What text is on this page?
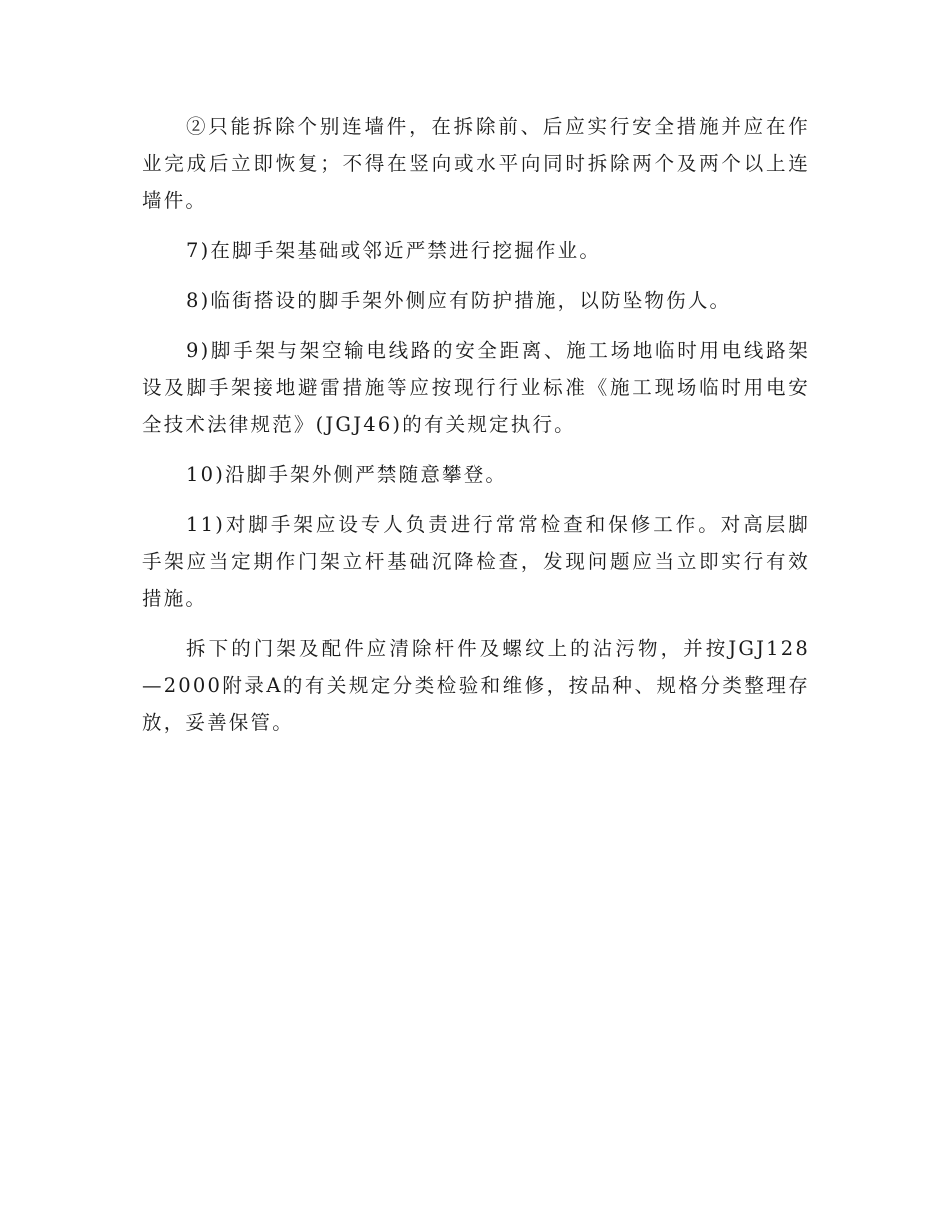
②只能拆除个别连墙件，在拆除前、后应实行安全措施并应在作业完成后立即恢复；不得在竖向或水平向同时拆除两个及两个以上连墙件。

7)在脚手架基础或邻近严禁进行挖掘作业。

8)临街搭设的脚手架外侧应有防护措施，以防坠物伤人。

9)脚手架与架空输电线路的安全距离、施工场地临时用电线路架设及脚手架接地避雷措施等应按现行行业标准《施工现场临时用电安全技术法律规范》(JGJ46)的有关规定执行。

10)沿脚手架外侧严禁随意攀登。

11)对脚手架应设专人负责进行常常检查和保修工作。对高层脚手架应当定期作门架立杆基础沉降检查，发现问题应当立即实行有效措施。

拆下的门架及配件应清除杆件及螺纹上的沾污物，并按JGJ128—2000附录A的有关规定分类检验和维修，按品种、规格分类整理存放，妥善保管。
